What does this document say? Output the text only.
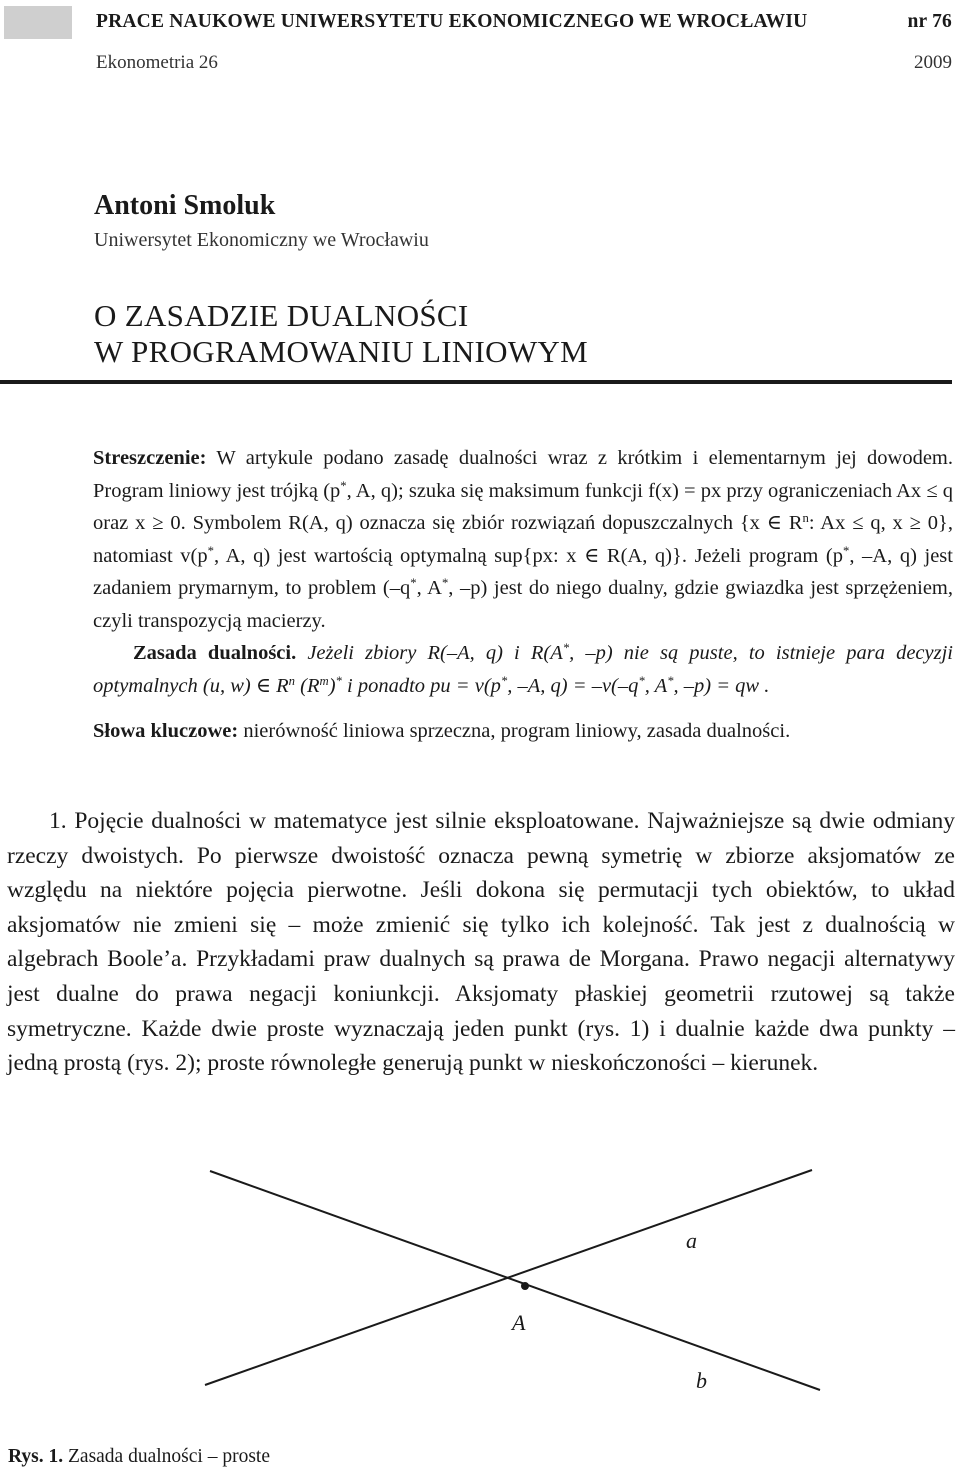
PRACE NAUKOWE UNIWERSYTETU EKONOMICZNEGO WE WROCŁAWIU	nr 76
Ekonometria 26	2009
Antoni Smoluk
Uniwersytet Ekonomiczny we Wrocławiu
O ZASADZIE DUALNOŚCI
W PROGRAMOWANIU LINIOWYM

Streszczenie: W artykule podano zasadę dualności wraz z krótkim i elementarnym jej dowodem. Program liniowy jest trójką (p*, A, q); szuka się maksimum funkcji f(x) = px przy ograniczeniach Ax ≤ q oraz x ≥ 0. Symbolem R(A, q) oznacza się zbiór rozwiązań dopuszczalnych {x ∈ $R^n$: Ax ≤ q, x ≥ 0}, natomiast v(p*, A, q) jest wartością optymalną sup{px: x ∈ R(A, q)}. Jeżeli program (p*, –A, q) jest zadaniem prymarnym, to problem (–q*, A*, –p) jest do niego dualny, gdzie gwiazdka jest sprzężeniem, czyli transpozycją macierzy.

Zasada dualności. Jeżeli zbiory R(–A, q) i R(A*, –p) nie są puste, to istnieje para decyzji optymalnych (u, w) ∈ $R^n$ $(R^m)^*$ i ponadto pu = v(p*, –A, q) = –v(–q*, A*, –p) = qw .

Słowa kluczowe: nierówność liniowa sprzeczna, program liniowy, zasada dualności.

1. Pojęcie dualności w matematyce jest silnie eksploatowane. Najważniejsze są dwie odmiany rzeczy dwoistych. Po pierwsze dwoistość oznacza pewną symetrię w zbiorze aksjomatów ze względu na niektóre pojęcia pierwotne. Jeśli dokona się permutacji tych obiektów, to układ aksjomatów nie zmieni się – może zmienić się tylko ich kolejność. Tak jest z dualnością w algebrach Boole’a. Przykładami praw dualnych są prawa de Morgana. Prawo negacji alternatywy jest dualne do prawa negacji koniunkcji. Aksjomaty płaskiej geometrii rzutowej są także symetryczne. Każde dwie proste wyznaczają jeden punkt (rys. 1) i dualnie każde dwa punkty – jedną prostą (rys. 2); proste równoległe generują punkt w nieskończoności – kierunek.

a
A
b
Rys. 1. Zasada dualności – proste
